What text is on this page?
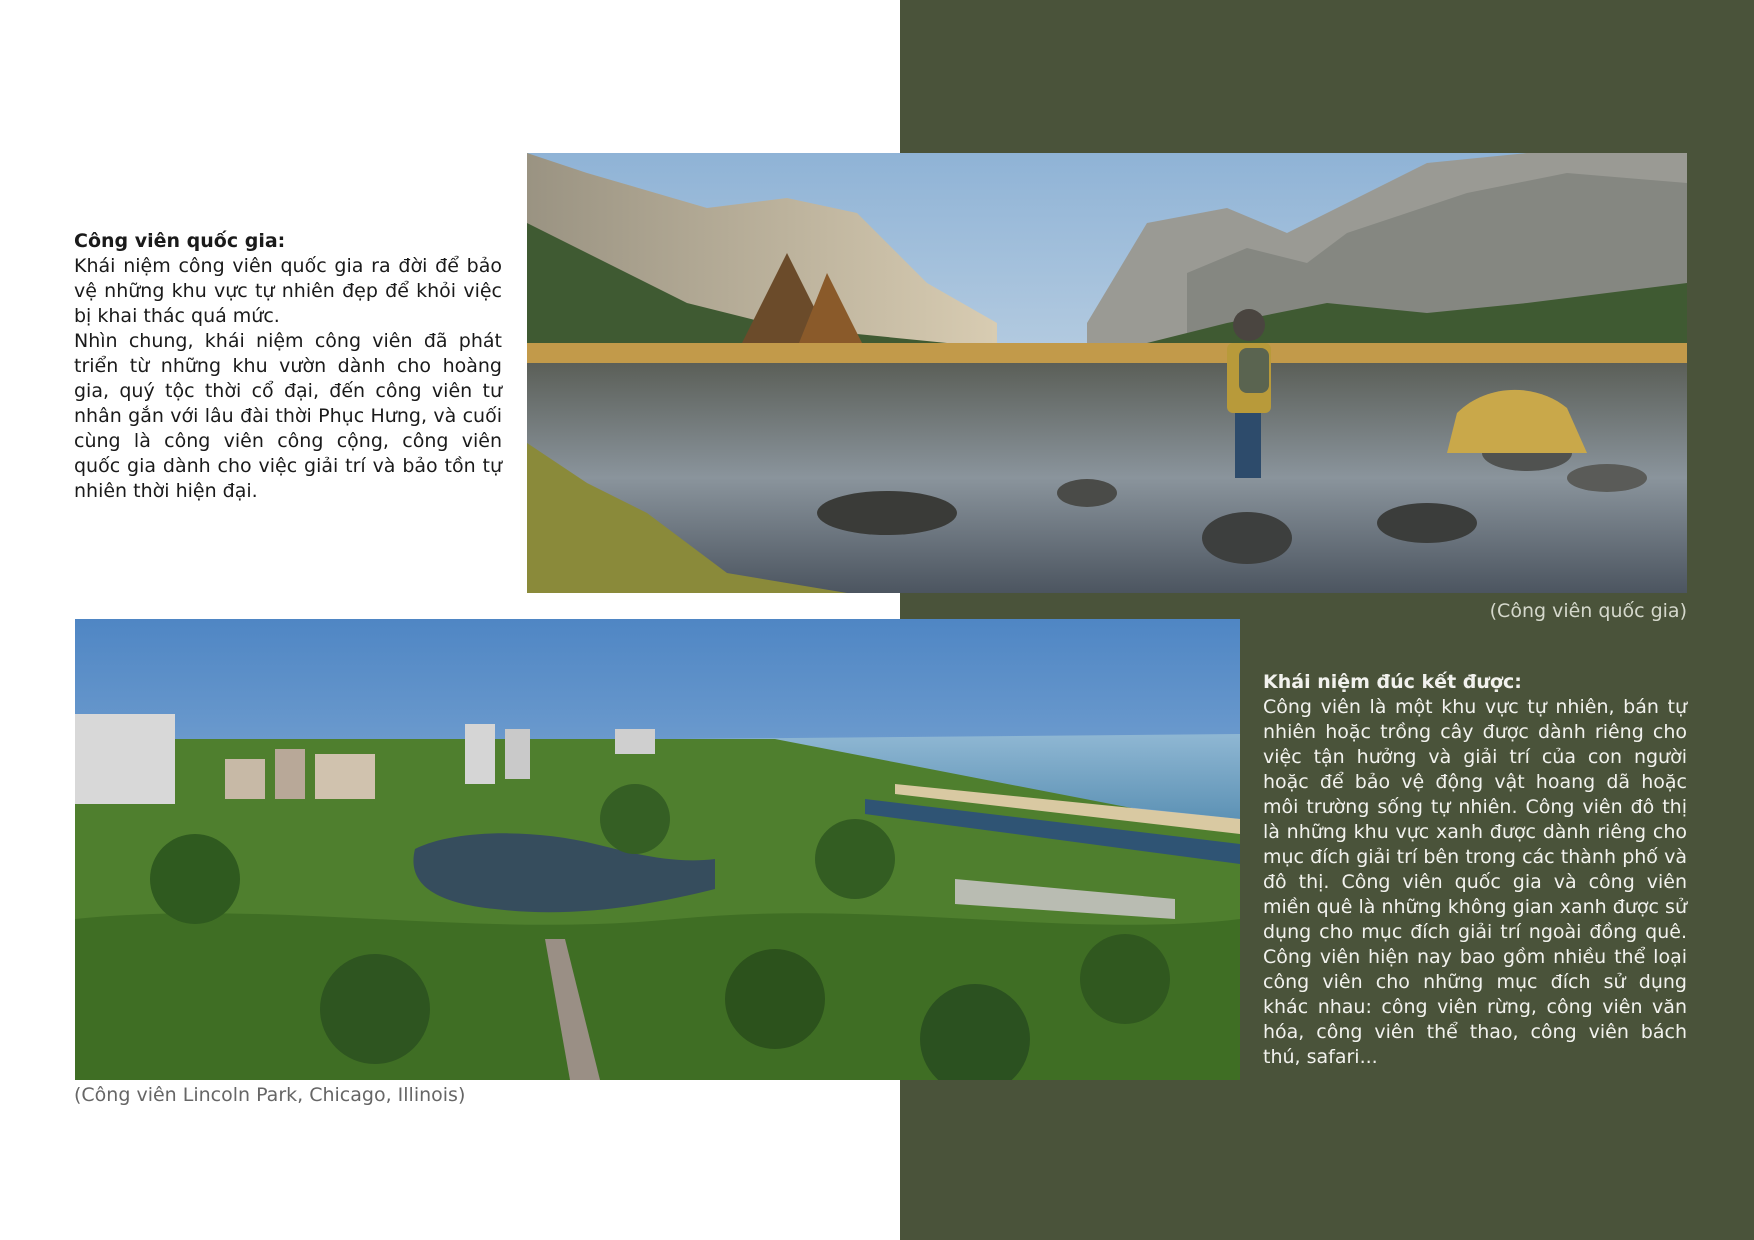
Công viên quốc gia:

Khái niệm công viên quốc gia ra đời để bảo vệ những khu vực tự nhiên đẹp để khỏi việc bị khai thác quá mức.

Nhìn chung, khái niệm công viên đã phát triển từ những khu vườn dành cho hoàng gia, quý tộc thời cổ đại, đến công viên tư nhân gắn với lâu đài thời Phục Hưng, và cuối cùng là công viên công cộng, công viên quốc gia dành cho việc giải trí và bảo tồn tự nhiên thời hiện đại.

(Công viên quốc gia)
(Công viên Lincoln Park, Chicago, Illinois)
Khái niệm đúc kết được:

Công viên là một khu vực tự nhiên, bán tự nhiên hoặc trồng cây được dành riêng cho việc tận hưởng và giải trí của con người hoặc để bảo vệ động vật hoang dã hoặc môi trường sống tự nhiên. Công viên đô thị là những khu vực xanh được dành riêng cho mục đích giải trí bên trong các thành phố và đô thị. Công viên quốc gia và công viên miền quê là những không gian xanh được sử dụng cho mục đích giải trí ngoài đồng quê. Công viên hiện nay bao gồm nhiều thể loại công viên cho những mục đích sử dụng khác nhau: công viên rừng, công viên văn hóa, công viên thể thao, công viên bách thú, safari...
